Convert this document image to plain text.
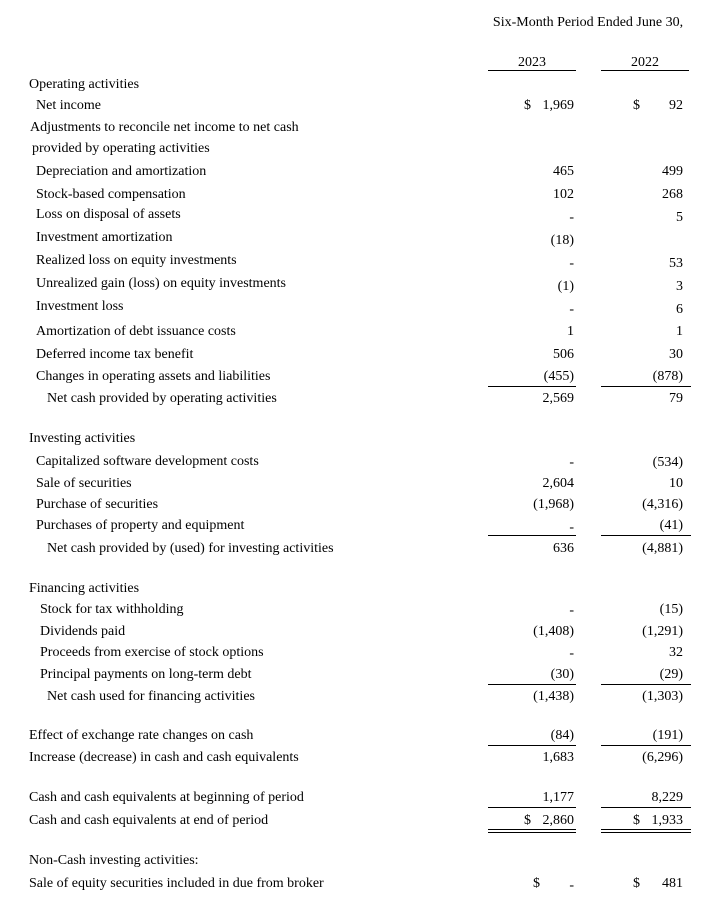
Six-Month Period Ended June 30,
2023	2022
Operating activities
Net income	$ 1,969	$ 92
Adjustments to reconcile net income to net cash
provided by operating activities
Depreciation and amortization	465	499
Stock-based compensation	102	268
Loss on disposal of assets	-	5
Investment amortization	(18)
Realized loss on equity investments	-	53
Unrealized gain (loss) on equity investments	(1)	3
Investment loss	-	6
Amortization of debt issuance costs	1	1
Deferred income tax benefit	506	30
Changes in operating assets and liabilities	(455)	(878)
Net cash provided by operating activities	2,569	79
Investing activities
Capitalized software development costs	-	(534)
Sale of securities	2,604	10
Purchase of securities	(1,968)	(4,316)
Purchases of property and equipment	-	(41)
Net cash provided by (used) for investing activities	636	(4,881)
Financing activities
Stock for tax withholding	-	(15)
Dividends paid	(1,408)	(1,291)
Proceeds from exercise of stock options	-	32
Principal payments on long-term debt	(30)	(29)
Net cash used for financing activities	(1,438)	(1,303)
Effect of exchange rate changes on cash	(84)	(191)
Increase (decrease) in cash and cash equivalents	1,683	(6,296)
Cash and cash equivalents at beginning of period	1,177	8,229
Cash and cash equivalents at end of period	$ 2,860	$ 1,933
Non-Cash investing activities:
Sale of equity securities included in due from broker	$ -	$ 481
